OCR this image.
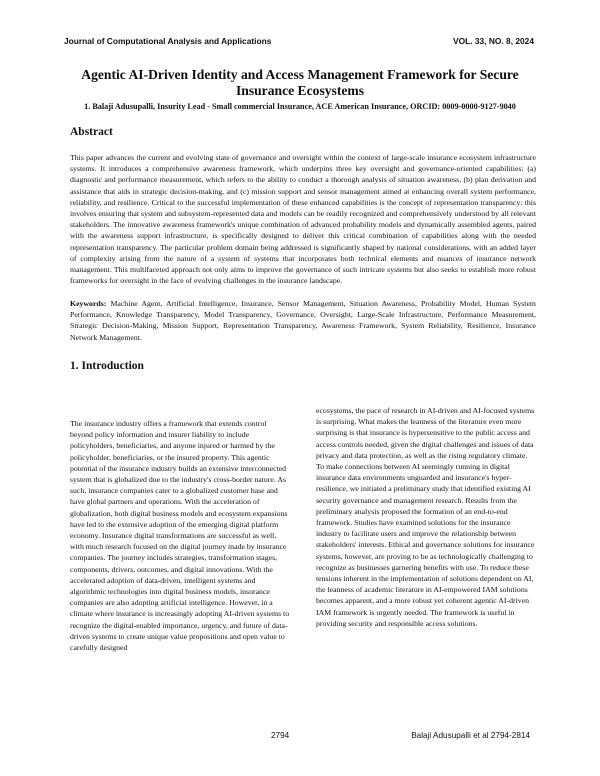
Journal of Computational Analysis and Applications	VOL. 33, NO. 8, 2024
Agentic AI-Driven Identity and Access Management Framework for Secure Insurance Ecosystems
1. Balaji Adusupalli, Insurity Lead - Small commercial Insurance, ACE American Insurance, ORCID: 0009-0000-9127-9040
Abstract

This paper advances the current and evolving state of governance and oversight within the context of large-scale insurance ecosystem infrastructure systems. It introduces a comprehensive awareness framework, which underpins three key oversight and governance-oriented capabilities: (a) diagnostic and performance measurement, which refers to the ability to conduct a thorough analysis of situation awareness, (b) plan derivation and assistance that aids in strategic decision-making, and (c) mission support and sensor management aimed at enhancing overall system performance, reliability, and resilience. Critical to the successful implementation of these enhanced capabilities is the concept of representation transparency: this involves ensuring that system and subsystem-represented data and models can be readily recognized and comprehensively understood by all relevant stakeholders. The innovative awareness framework's unique combination of advanced probability models and dynamically assembled agents, paired with the awareness support infrastructure, is specifically designed to deliver this critical combination of capabilities along with the needed representation transparency. The particular problem domain being addressed is significantly shaped by national considerations, with an added layer of complexity arising from the nature of a system of systems that incorporates both technical elements and nuances of insurance network management. This multifaceted approach not only aims to improve the governance of such intricate systems but also seeks to establish more robust frameworks for oversight in the face of evolving challenges in the insurance landscape.

Keywords: Machine Agent, Artificial Intelligence, Insurance, Sensor Management, Situation Awareness, Probability Model, Human System Performance, Knowledge Transparency, Model Transparency, Governance, Oversight, Large-Scale Infrastructure, Performance Measurement, Strategic Decision-Making, Mission Support, Representation Transparency, Awareness Framework, System Reliability, Resilience, Insurance Network Management.

1. Introduction

The insurance industry offers a framework that extends control beyond policy information and insurer liability to include policyholders, beneficiaries, and anyone injured or harmed by the policyholder, beneficiaries, or the insured property. This agentic potential of the insurance industry builds an extensive interconnected system that is globalized due to the industry's cross-border nature. As such, insurance companies cater to a globalized customer base and have global partners and operations. With the acceleration of globalization, both digital business models and ecosystem expansions have led to the extensive adoption of the emerging digital platform economy. Insurance digital transformations are successful as well, with much research focused on the digital journey made by insurance companies. The journey includes strategies, transformation stages, components, drivers, outcomes, and digital innovations. With the accelerated adoption of data-driven, intelligent systems and algorithmic technologies into digital business models, insurance companies are also adopting artificial intelligence. However, in a climate where insurance is increasingly adopting AI-driven systems to recognize the digital-enabled importance, urgency, and future of data-driven systems to create unique value propositions and open value to carefully designed

ecosystems, the pace of research in AI-driven and AI-focused systems is surprising. What makes the leanness of the literature even more surprising is that insurance is hypersensitive to the public access and access controls needed, given the digital challenges and issues of data privacy and data protection, as well as the rising regulatory climate. To make connections between AI seemingly running in digital insurance data environments unguarded and insurance's hyper-resilience, we initiated a preliminary study that identified existing AI security governance and management research. Results from the preliminary analysis proposed the formation of an end-to-end framework. Studies have examined solutions for the insurance industry to facilitate users and improve the relationship between stakeholders' interests. Ethical and governance solutions for insurance systems, however, are proving to be as technologically challenging to recognize as businesses garnering benefits with use. To reduce these tensions inherent in the implementation of solutions dependent on AI, the leanness of academic literature in AI-empowered IAM solutions becomes apparent, and a more robust yet coherent agentic AI-driven IAM framework is urgently needed. The framework is useful in providing security and responsible access solutions.

2794	Balaji Adusupalli et al 2794-2814
